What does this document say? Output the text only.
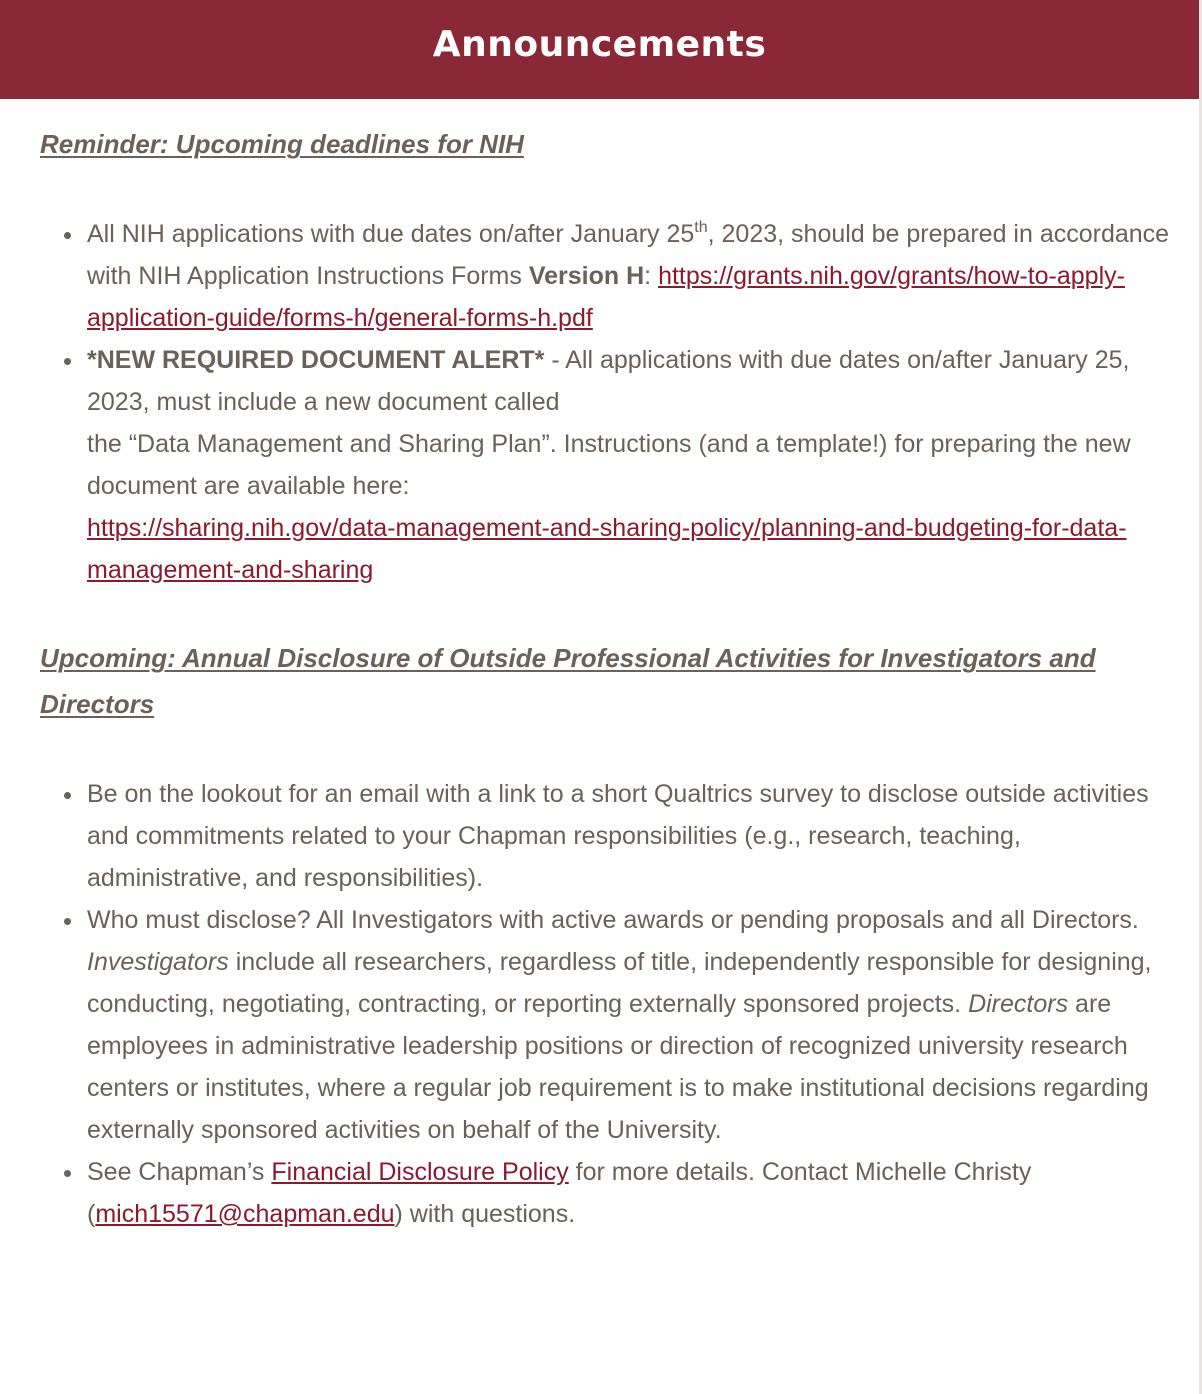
Announcements
Reminder: Upcoming deadlines for NIH
All NIH applications with due dates on/after January 25th, 2023, should be prepared in accordance with NIH Application Instructions Forms Version H: https://grants.nih.gov/grants/how-to-apply-application-guide/forms-h/general-forms-h.pdf
*NEW REQUIRED DOCUMENT ALERT* - All applications with due dates on/after January 25, 2023, must include a new document called
the “Data Management and Sharing Plan”. Instructions (and a template!) for preparing the new document are available here:
https://sharing.nih.gov/data-management-and-sharing-policy/planning-and-budgeting-for-data-management-and-sharing
Upcoming: Annual Disclosure of Outside Professional Activities for Investigators and Directors
Be on the lookout for an email with a link to a short Qualtrics survey to disclose outside activities and commitments related to your Chapman responsibilities (e.g., research, teaching, administrative, and responsibilities).
Who must disclose? All Investigators with active awards or pending proposals and all Directors.
Investigators include all researchers, regardless of title, independently responsible for designing, conducting, negotiating, contracting, or reporting externally sponsored projects. Directors are employees in administrative leadership positions or direction of recognized university research centers or institutes, where a regular job requirement is to make institutional decisions regarding externally sponsored activities on behalf of the University.
See Chapman’s Financial Disclosure Policy for more details. Contact Michelle Christy (mich15571@chapman.edu) with questions.
